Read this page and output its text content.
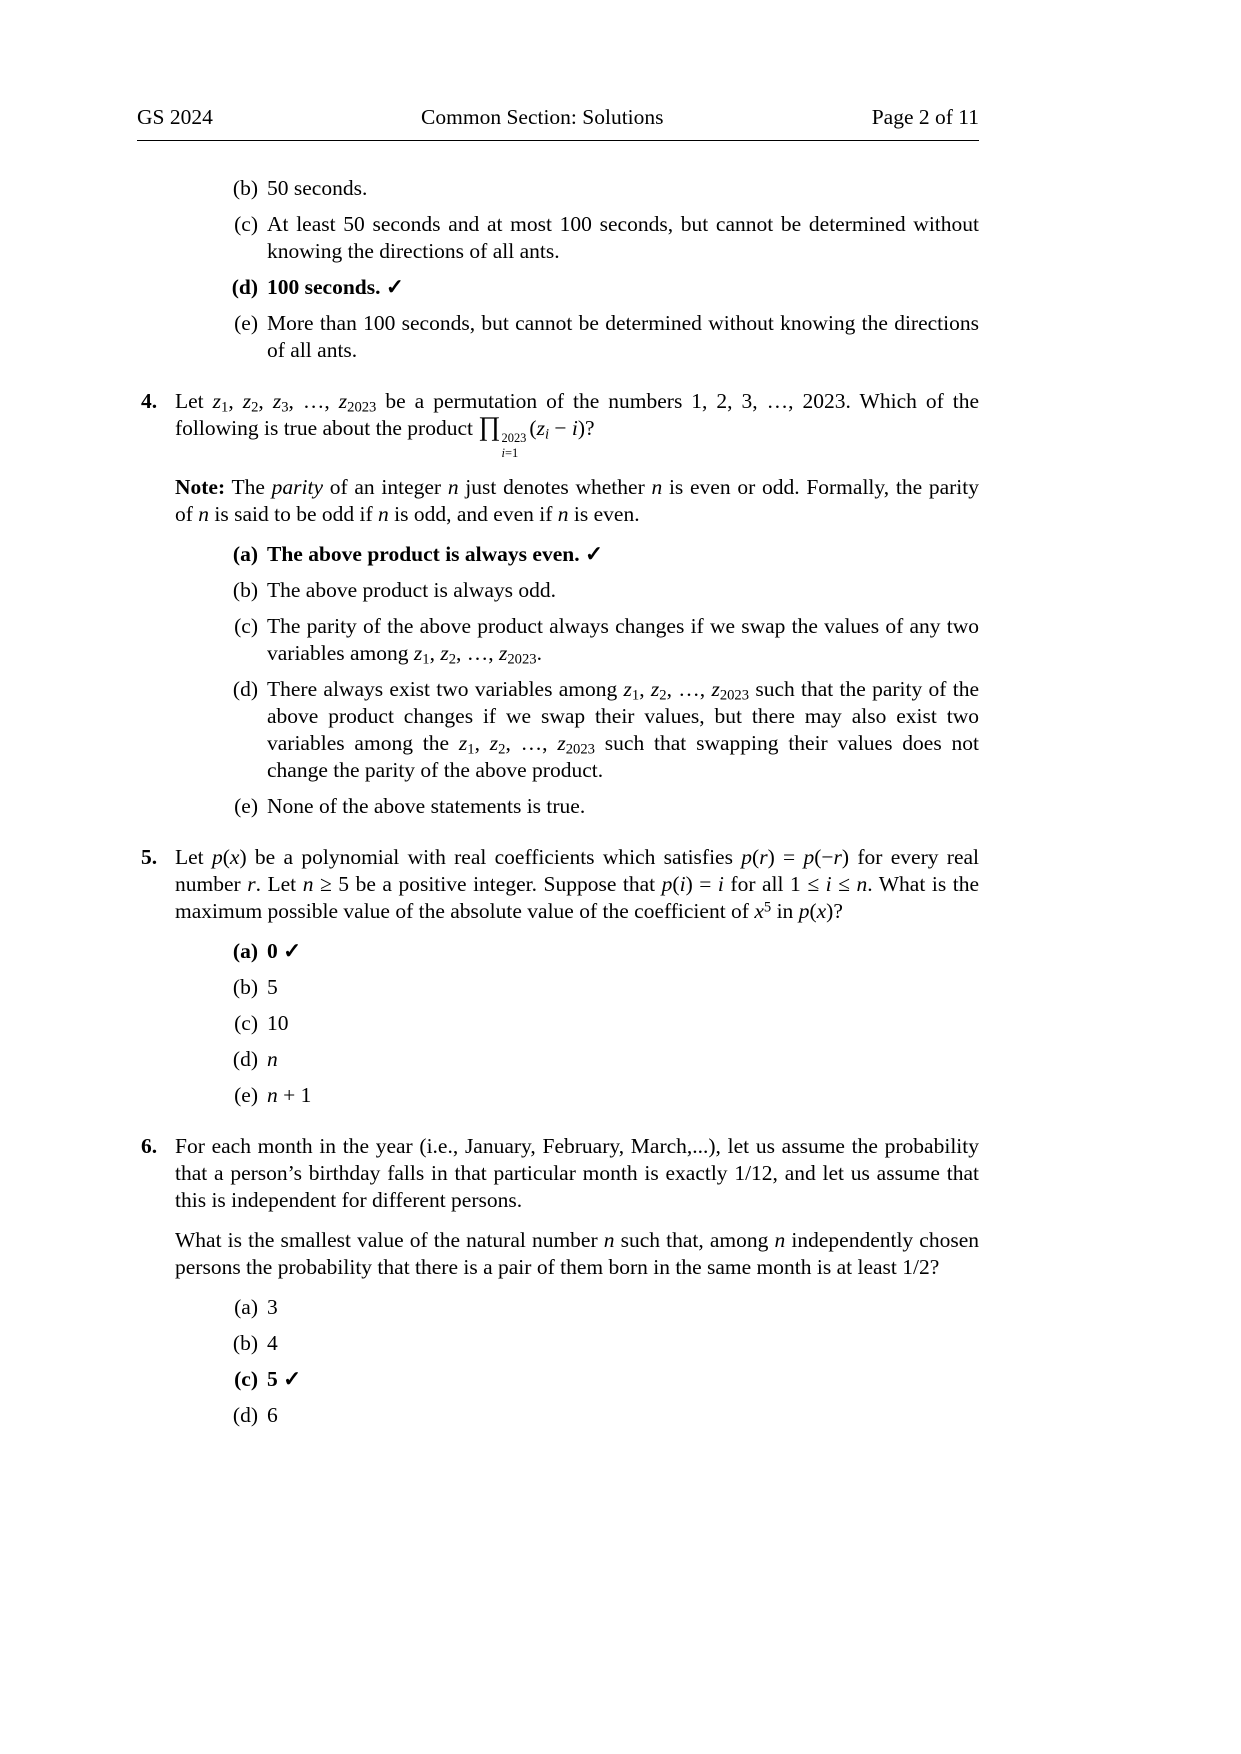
GS 2024	Common Section: Solutions	Page 2 of 11
(b) 50 seconds.
(c) At least 50 seconds and at most 100 seconds, but cannot be determined without knowing the directions of all ants.
(d) 100 seconds. ✓
(e) More than 100 seconds, but cannot be determined without knowing the directions of all ants.
4. Let $z_1$, $z_2$, $z_3$, …, $z_{2023}$ be a permutation of the numbers 1, 2, 3, …, 2023. Which of the following is true about the product ∏ 2023
i=1
$(z_i - i)$?
Note: The parity of an integer n just denotes whether n is even or odd. Formally, the parity of n is said to be odd if n is odd, and even if n is even.
(a) The above product is always even. ✓
(b) The above product is always odd.
(c) The parity of the above product always changes if we swap the values of any two variables among $z_1$, $z_2$, …, $z_{2023}$.
(d) There always exist two variables among $z_1$, $z_2$, …, $z_{2023}$ such that the parity of the above product changes if we swap their values, but there may also exist two variables among the $z_1$, $z_2$, …, $z_{2023}$ such that swapping their values does not change the parity of the above product.
(e) None of the above statements is true.
5. Let p(x) be a polynomial with real coefficients which satisfies p(r) = p(−r) for every real number r. Let n ≥ 5 be a positive integer. Suppose that p(i) = i for all 1 ≤ i ≤ n. What is the maximum possible value of the absolute value of the coefficient of $x^5$ in p(x)?
(a) 0 ✓
(b) 5
(c) 10
(d) n
(e) n + 1
6. For each month in the year (i.e., January, February, March,...), let us assume the probability that a person’s birthday falls in that particular month is exactly 1/12, and let us assume that this is independent for different persons.
What is the smallest value of the natural number n such that, among n independently chosen persons the probability that there is a pair of them born in the same month is at least 1/2?
(a) 3
(b) 4
(c) 5 ✓
(d) 6
